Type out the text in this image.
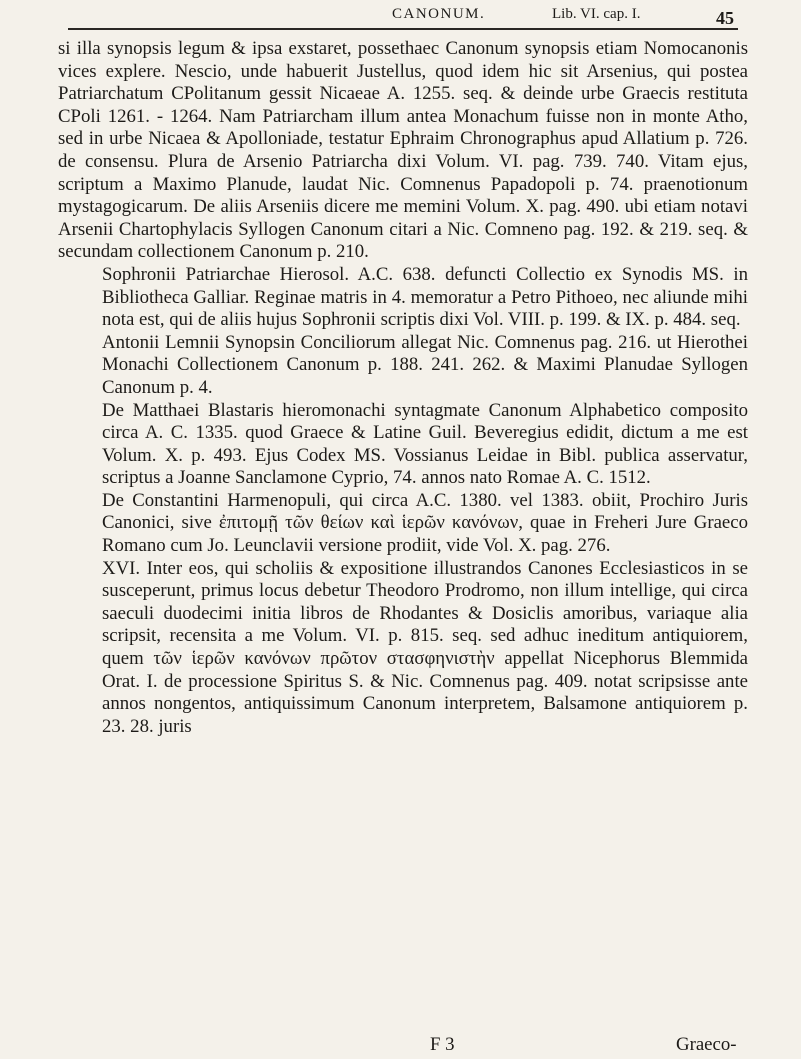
CANONUM.	Lib. VI. cap. I.	45

si illa synopsis legum & ipsa exstaret, possethaec Canonum synopsis etiam Nomocanonis vices explere. Nescio, unde habuerit Justellus, quod idem hic sit Arsenius, qui postea Patriarchatum CPolitanum gessit Nicaeae A. 1255. seq. & deinde urbe Graecis restituta CPoli 1261. - 1264. Nam Patriarcham illum antea Monachum fuisse non in monte Atho, sed in urbe Nicaea & Apolloniade, testatur Ephraim Chronographus apud Allatium p. 726. de consensu. Plura de Arsenio Patriarcha dixi Volum. VI. pag. 739. 740. Vitam ejus, scriptum a Maximo Planude, laudat Nic. Comnenus Papadopoli p. 74. praenotionum mystagogicarum. De aliis Arseniis dicere me memini Volum. X. pag. 490. ubi etiam notavi Arsenii Chartophylacis Syllogen Canonum citari a Nic. Comneno pag. 192. & 219. seq. & secundam collectionem Canonum p. 210.

Sophronii Patriarchae Hierosol. A.C. 638. defuncti Collectio ex Synodis MS. in Bibliotheca Galliar. Reginae matris in 4. memoratur a Petro Pithoeo, nec aliunde mihi nota est, qui de aliis hujus Sophronii scriptis dixi Vol. VIII. p. 199. & IX. p. 484. seq.

Antonii Lemnii Synopsin Conciliorum allegat Nic. Comnenus pag. 216. ut Hierothei Monachi Collectionem Canonum p. 188. 241. 262. & Maximi Planudae Syllogen Canonum p. 4.

De Matthaei Blastaris hieromonachi syntagmate Canonum Alphabetico composito circa A. C. 1335. quod Graece & Latine Guil. Beveregius edidit, dictum a me est Volum. X. p. 493. Ejus Codex MS. Vossianus Leidae in Bibl. publica asservatur, scriptus a Joanne Sanclamone Cyprio, 74. annos nato Romae A. C. 1512.

De Constantini Harmenopuli, qui circa A.C. 1380. vel 1383. obiit, Prochiro Juris Canonici, sive ἐπιτομῇ τῶν θείων καὶ ἱερῶν κανόνων, quae in Freheri Jure Graeco Romano cum Jo. Leunclavii versione prodiit, vide Vol. X. pag. 276.

XVI. Inter eos, qui scholiis & expositione illustrandos Canones Ecclesiasticos in se susceperunt, primus locus debetur Theodoro Prodromo, non illum intellige, qui circa saeculi duodecimi initia libros de Rhodantes & Dosiclis amoribus, variaque alia scripsit, recensita a me Volum. VI. p. 815. seq. sed adhuc ineditum antiquiorem, quem τῶν ἱερῶν κανόνων πρῶτον στασφηνιστὴν appellat Nicephorus Blemmida Orat. I. de processione Spiritus S. & Nic. Comnenus pag. 409. notat scripsisse ante annos nongentos, antiquissimum Canonum interpretem, Balsamone antiquiorem p. 23. 28. juris

F 3	Graeco-
